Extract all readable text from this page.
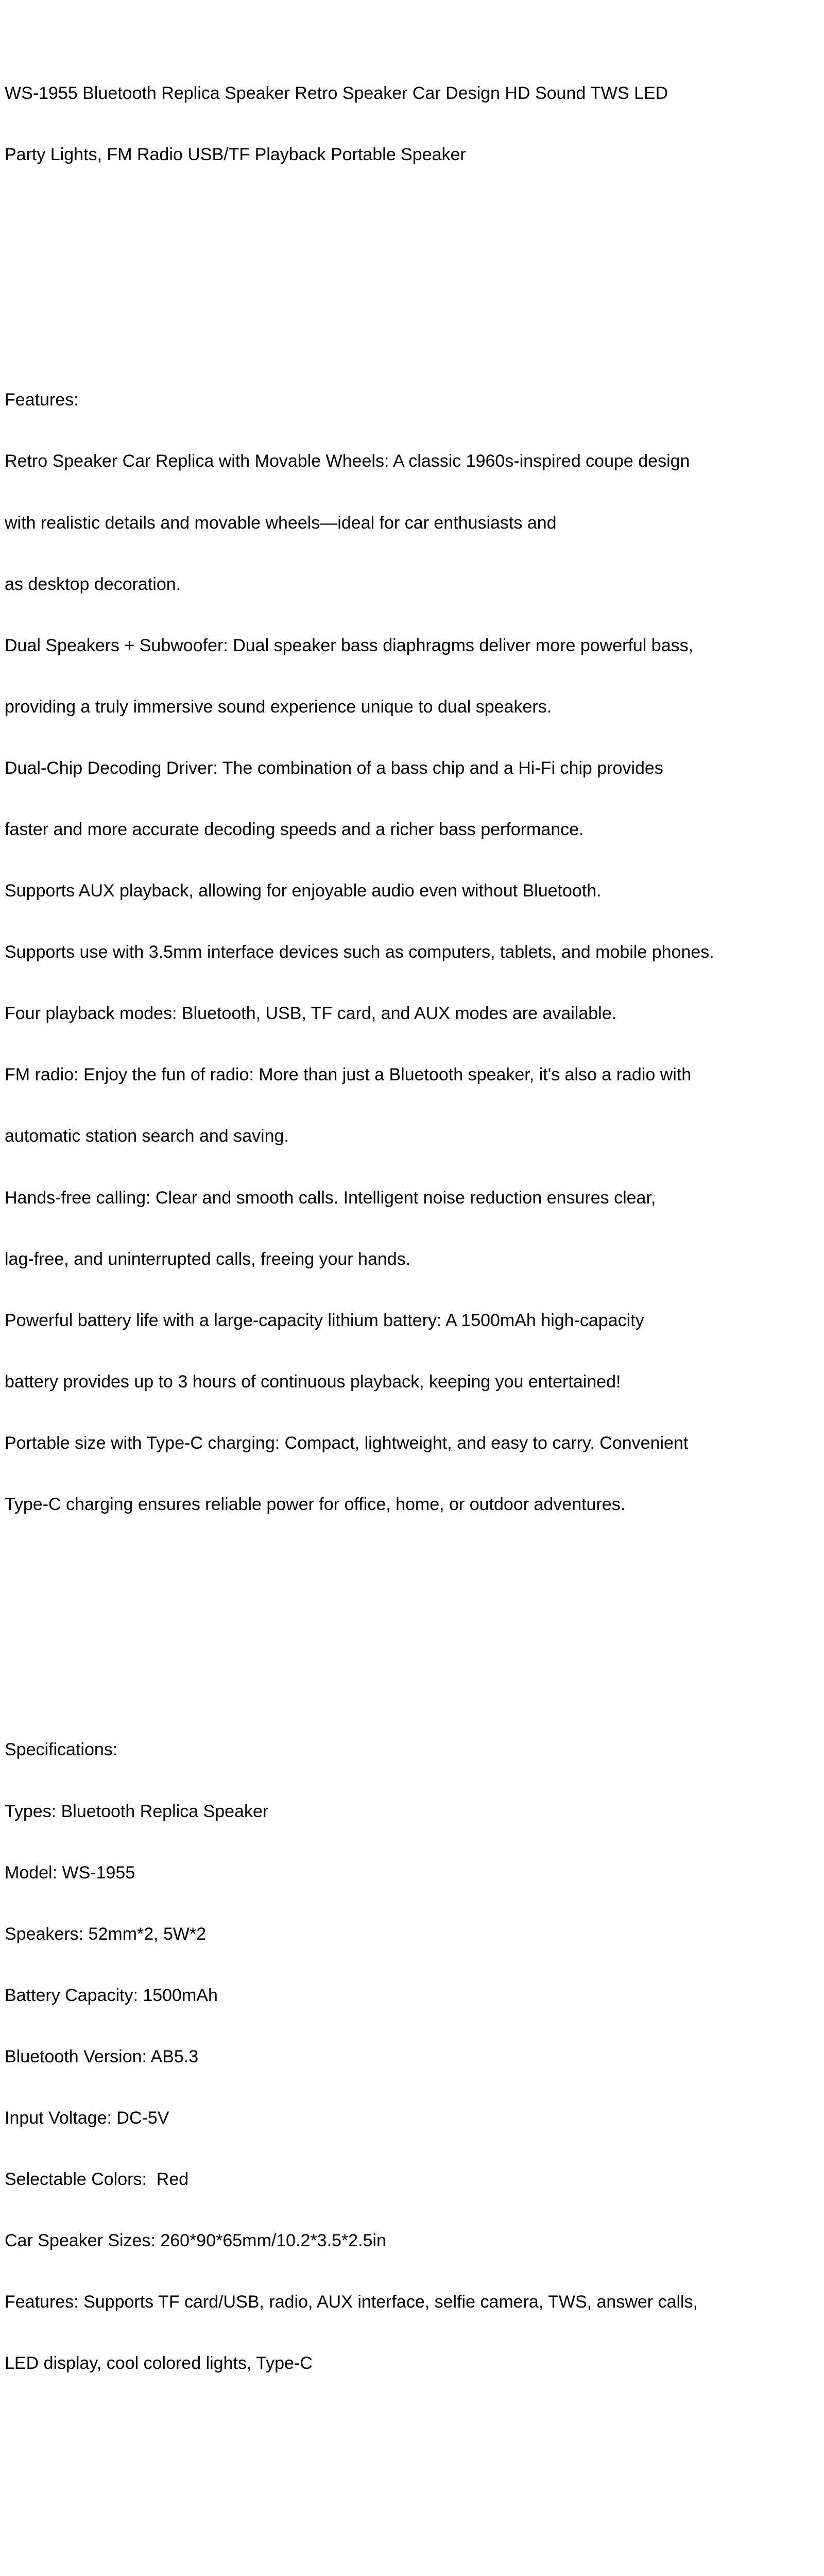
WS-1955 Bluetooth Replica Speaker Retro Speaker Car Design HD Sound TWS LED

Party Lights, FM Radio USB/TF Playback Portable Speaker

Features:

Retro Speaker Car Replica with Movable Wheels: A classic 1960s-inspired coupe design

with realistic details and movable wheels—ideal for car enthusiasts and

as desktop decoration.

Dual Speakers + Subwoofer: Dual speaker bass diaphragms deliver more powerful bass,

providing a truly immersive sound experience unique to dual speakers.

Dual-Chip Decoding Driver: The combination of a bass chip and a Hi-Fi chip provides

faster and more accurate decoding speeds and a richer bass performance.

Supports AUX playback, allowing for enjoyable audio even without Bluetooth.

Supports use with 3.5mm interface devices such as computers, tablets, and mobile phones.

Four playback modes: Bluetooth, USB, TF card, and AUX modes are available.

FM radio: Enjoy the fun of radio: More than just a Bluetooth speaker, it's also a radio with

automatic station search and saving.

Hands-free calling: Clear and smooth calls. Intelligent noise reduction ensures clear,

lag-free, and uninterrupted calls, freeing your hands.

Powerful battery life with a large-capacity lithium battery: A 1500mAh high-capacity

battery provides up to 3 hours of continuous playback, keeping you entertained!

Portable size with Type-C charging: Compact, lightweight, and easy to carry. Convenient

Type-C charging ensures reliable power for office, home, or outdoor adventures.

Specifications:

Types: Bluetooth Replica Speaker

Model: WS-1955

Speakers: 52mm*2, 5W*2

Battery Capacity: 1500mAh

Bluetooth Version: AB5.3

Input Voltage: DC-5V

Selectable Colors:  Red

Car Speaker Sizes: 260*90*65mm/10.2*3.5*2.5in

Features: Supports TF card/USB, radio, AUX interface, selfie camera, TWS, answer calls,

LED display, cool colored lights, Type-C
